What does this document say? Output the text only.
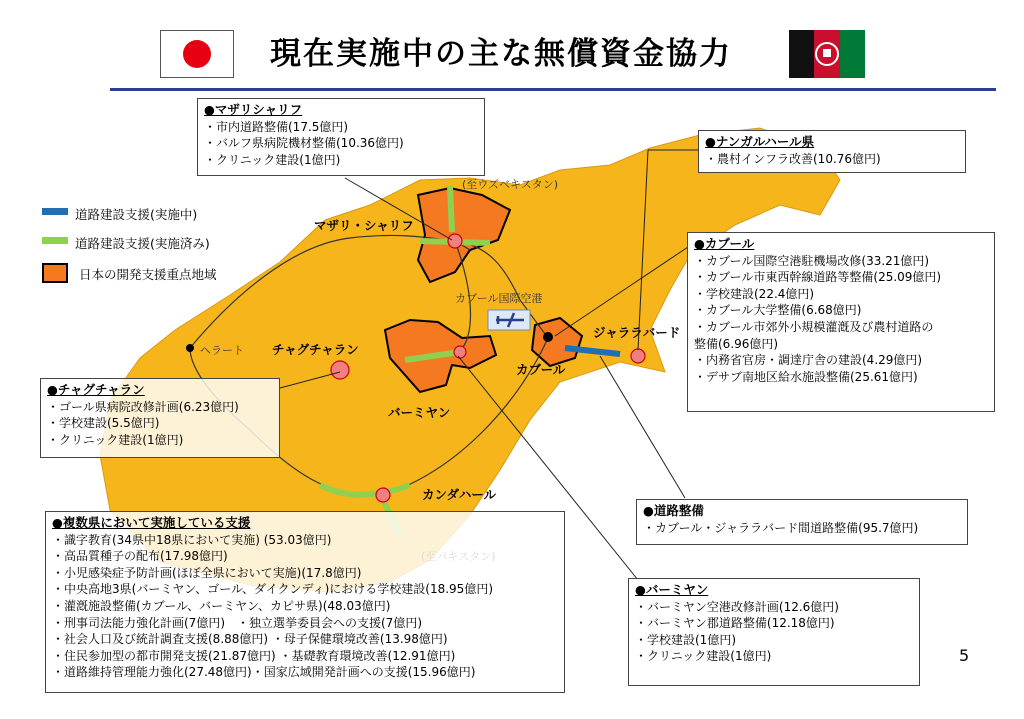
現在実施中の主な無償資金協力
道路建設支援(実施中)
道路建設支援(実施済み)
日本の開発支援重点地域
(至ウズベキスタン)
マザリ・シャリフ
カブール国際空港
チャグチャラン
ヘラート
ジャララバード
カブール
バーミヤン
カンダハール
●マザリシャリフ
・市内道路整備(17.5億円)
・バルフ県病院機材整備(10.36億円)
・クリニック建設(1億円)
●ナンガルハール県
・農村インフラ改善(10.76億円)
●カブール
・カブール国際空港駐機場改修(33.21億円)
・カブール市東西幹線道路等整備(25.09億円)
・学校建設(22.4億円)
・カブール大学整備(6.68億円)
・カブール市郊外小規模灌漑及び農村道路の
整備(6.96億円)
・内務省官房・調達庁舎の建設(4.29億円)
・デサブ南地区給水施設整備(25.61億円)
●チャグチャラン
・ゴール県病院改修計画(6.23億円)
・学校建設(5.5億円)
・クリニック建設(1億円)
●道路整備
・カブール・ジャララバード間道路整備(95.7億円)
●複数県において実施している支援
・識字教育(34県中18県において実施) (53.03億円)
・高品質種子の配布(17.98億円)
・小児感染症予防計画(ほぼ全県において実施)(17.8億円)
・中央高地3県(バーミヤン、ゴール、ダイクンディ)における学校建設(18.95億円)
・灌漑施設整備(カブール、バーミヤン、カピサ県)(48.03億円)
・刑事司法能力強化計画(7億円)　・独立選挙委員会への支援(7億円)
・社会人口及び統計調査支援(8.88億円) ・母子保健環境改善(13.98億円)
・住民参加型の都市開発支援(21.87億円) ・基礎教育環境改善(12.91億円)
・道路維持管理能力強化(27.48億円)・国家広域開発計画への支援(15.96億円)
●バーミヤン
・バーミヤン空港改修計画(12.6億円)
・バーミヤン郡道路整備(12.18億円)
・学校建設(1億円)
・クリニック建設(1億円)	5
